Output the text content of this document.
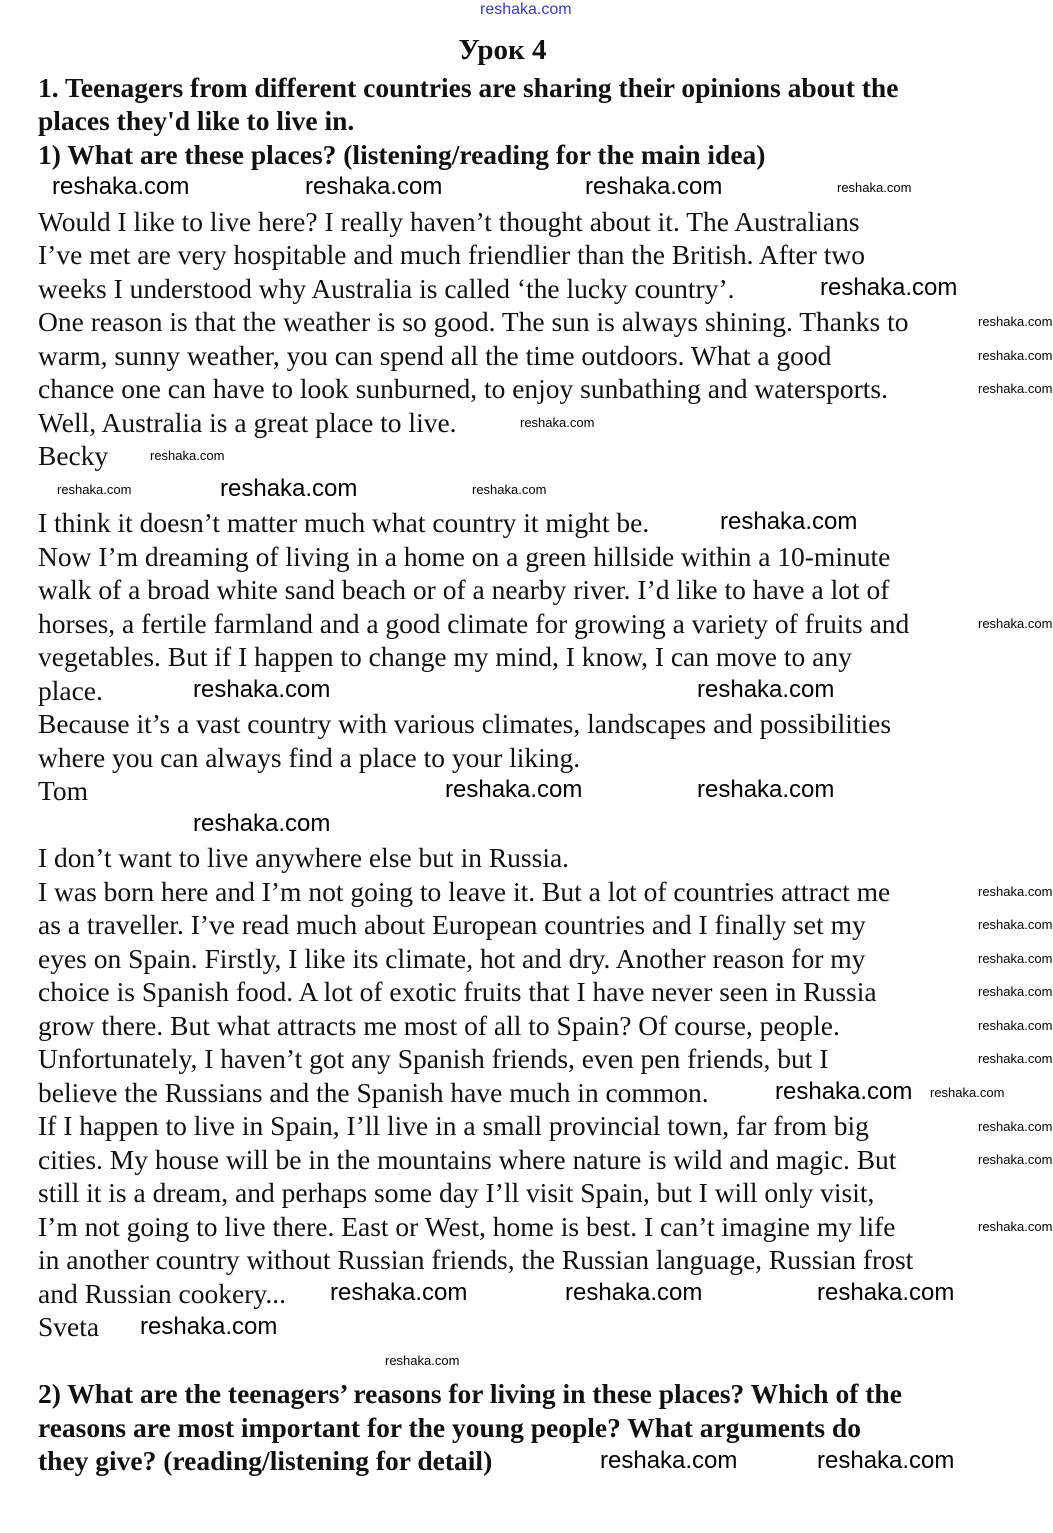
Урок 4
1. Teenagers from different countries are sharing their opinions about the
places they'd like to live in.
1) What are these places? (listening/reading for the main idea)
Would I like to live here? I really haven’t thought about it. The Australians
I’ve met are very hospitable and much friendlier than the British. After two
weeks I understood why Australia is called ‘the lucky country’.
One reason is that the weather is so good. The sun is always shining. Thanks to
warm, sunny weather, you can spend all the time outdoors. What a good
chance one can have to look sunburned, to enjoy sunbathing and watersports.
Well, Australia is a great place to live.
Becky
I think it doesn’t matter much what country it might be.
Now I’m dreaming of living in a home on a green hillside within a 10-minute
walk of a broad white sand beach or of a nearby river. I’d like to have a lot of
horses, a fertile farmland and a good climate for growing a variety of fruits and
vegetables. But if I happen to change my mind, I know, I can move to any
place.
Because it’s a vast country with various climates, landscapes and possibilities
where you can always find a place to your liking.
Tom
I don’t want to live anywhere else but in Russia.
I was born here and I’m not going to leave it. But a lot of countries attract me
as a traveller. I’ve read much about European countries and I finally set my
eyes on Spain. Firstly, I like its climate, hot and dry. Another reason for my
choice is Spanish food. A lot of exotic fruits that I have never seen in Russia
grow there. But what attracts me most of all to Spain? Of course, people.
Unfortunately, I haven’t got any Spanish friends, even pen friends, but I
believe the Russians and the Spanish have much in common.
If I happen to live in Spain, I’ll live in a small provincial town, far from big
cities. My house will be in the mountains where nature is wild and magic. But
still it is a dream, and perhaps some day I’ll visit Spain, but I will only visit,
I’m not going to live there. East or West, home is best. I can’t imagine my life
in another country without Russian friends, the Russian language, Russian frost
and Russian cookery...
Sveta
2) What are the teenagers’ reasons for living in these places? Which of the
reasons are most important for the young people? What arguments do
they give? (reading/listening for detail)
reshaka.com
reshaka.com	reshaka.com	reshaka.com	reshaka.com
reshaka.com
reshaka.com
reshaka.com
reshaka.com
reshaka.com
reshaka.com
reshaka.com	reshaka.com	reshaka.com
reshaka.com
reshaka.com
reshaka.com	reshaka.com
reshaka.com	reshaka.com
reshaka.com
reshaka.com
reshaka.com
reshaka.com
reshaka.com
reshaka.com
reshaka.com
reshaka.com reshaka.com
reshaka.com
reshaka.com
reshaka.com
reshaka.com	reshaka.com	reshaka.com
reshaka.com
reshaka.com
reshaka.com	reshaka.com
